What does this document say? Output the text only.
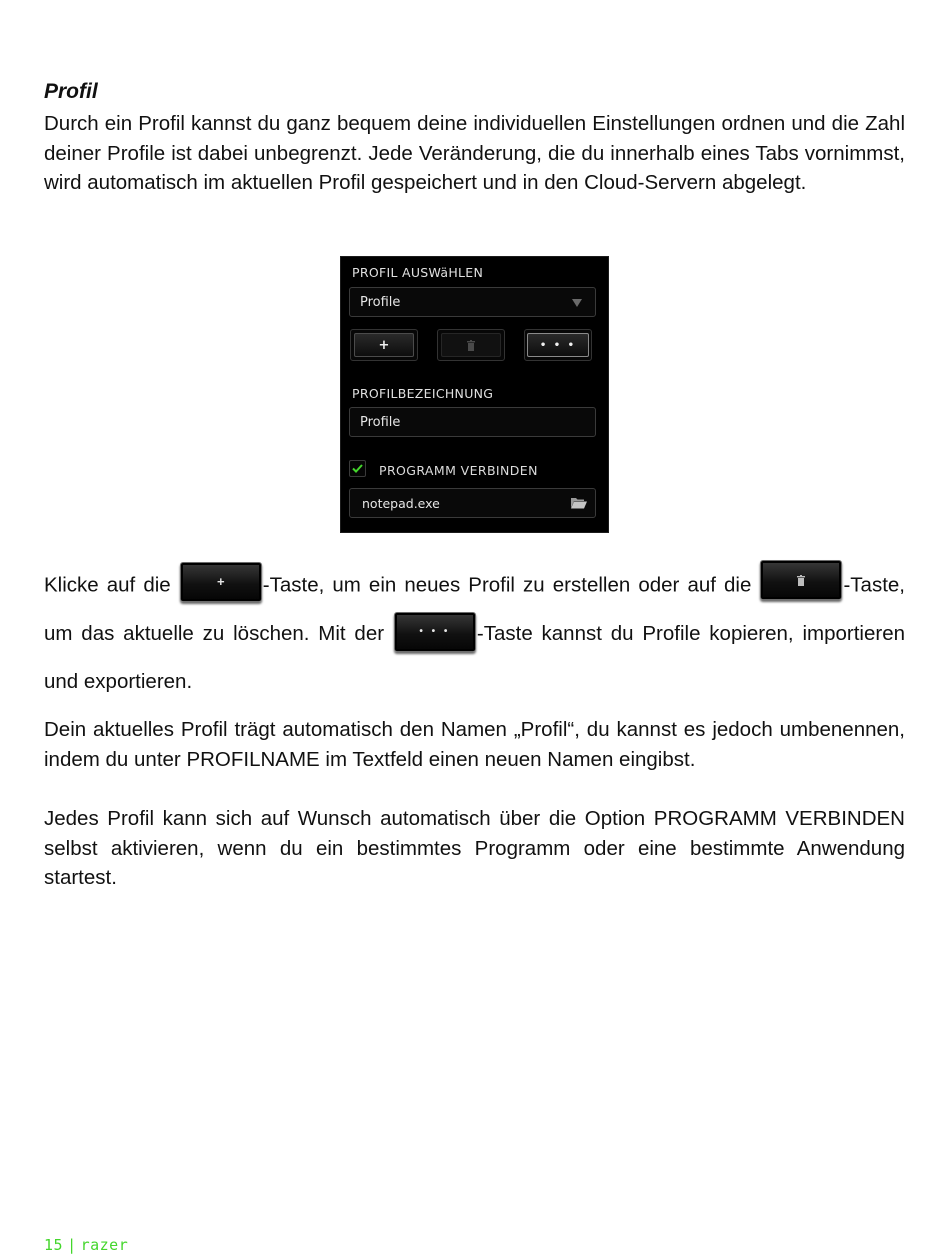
Profil

Durch ein Profil kannst du ganz bequem deine individuellen Einstellungen ordnen und die Zahl deiner Profile ist dabei unbegrenzt. Jede Veränderung, die du innerhalb eines Tabs vornimmst, wird automatisch im aktuellen Profil gespeichert und in den Cloud-Servern abgelegt.

PROFIL AUSWäHLEN
Profile
+	• • •
PROFILBEZEICHNUNG
Profile
PROGRAMM VERBINDEN
notepad.exe

Klicke auf die	+ -Taste, um ein neues Profil zu erstellen oder auf die	-Taste, um das aktuelle zu löschen. Mit der	• • • -Taste kannst du Profile kopieren, importieren und exportieren.

Dein aktuelles Profil trägt automatisch den Namen „Profil“, du kannst es jedoch umbenennen, indem du unter PROFILNAME im Textfeld einen neuen Namen eingibst.

Jedes Profil kann sich auf Wunsch automatisch über die Option PROGRAMM VERBINDEN selbst aktivieren, wenn du ein bestimmtes Programm oder eine bestimmte Anwendung startest.

15 | razer
